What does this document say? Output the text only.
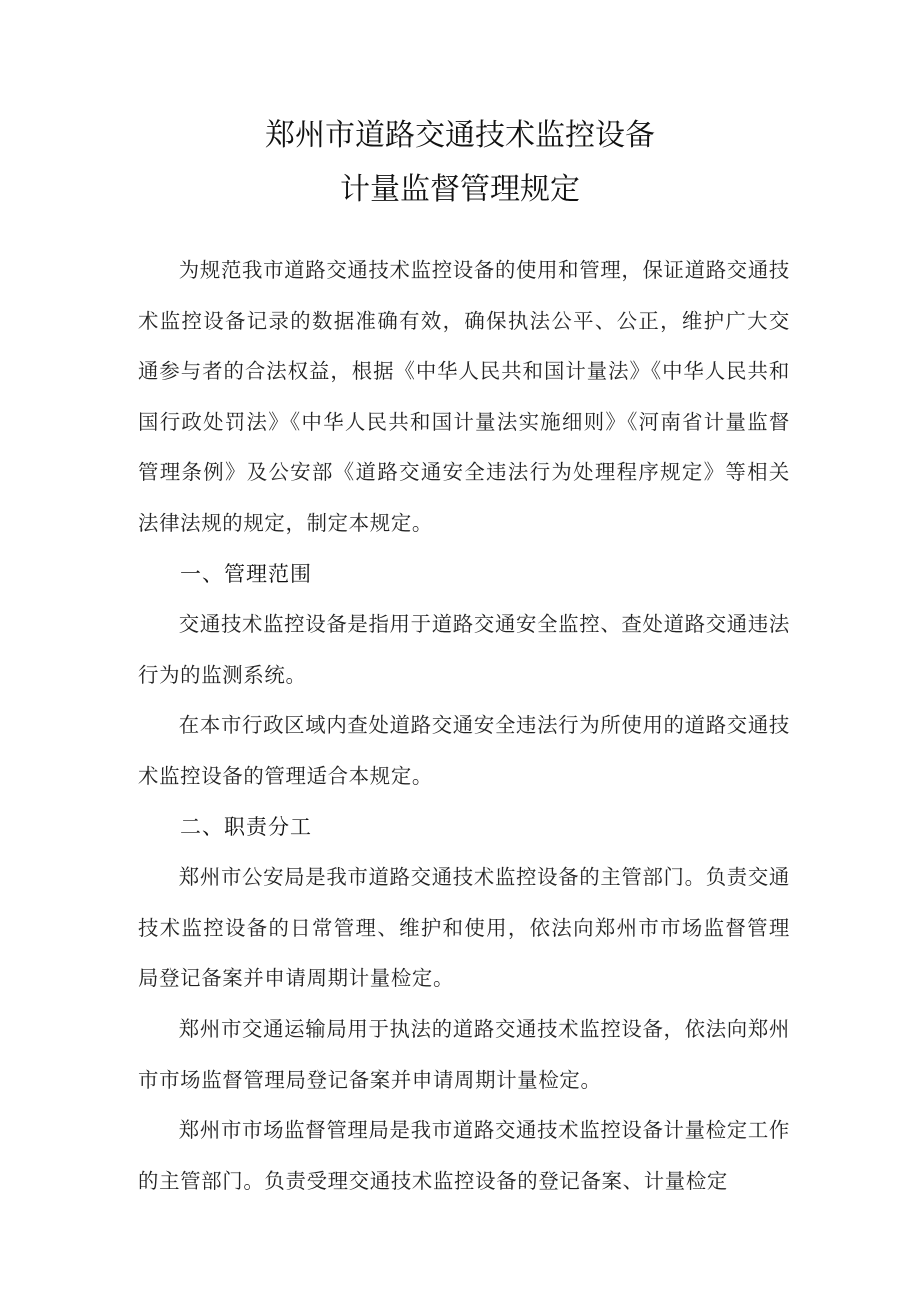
郑州市道路交通技术监控设备
计量监督管理规定

为规范我市道路交通技术监控设备的使用和管理，保证道路交通技术监控设备记录的数据准确有效，确保执法公平、公正，维护广大交通参与者的合法权益，根据《中华人民共和国计量法》《中华人民共和国行政处罚法》《中华人民共和国计量法实施细则》《河南省计量监督管理条例》及公安部《道路交通安全违法行为处理程序规定》等相关法律法规的规定，制定本规定。

一、管理范围

交通技术监控设备是指用于道路交通安全监控、查处道路交通违法行为的监测系统。

在本市行政区域内查处道路交通安全违法行为所使用的道路交通技术监控设备的管理适合本规定。

二、职责分工

郑州市公安局是我市道路交通技术监控设备的主管部门。负责交通技术监控设备的日常管理、维护和使用，依法向郑州市市场监督管理局登记备案并申请周期计量检定。

郑州市交通运输局用于执法的道路交通技术监控设备，依法向郑州市市场监督管理局登记备案并申请周期计量检定。

郑州市市场监督管理局是我市道路交通技术监控设备计量检定工作的主管部门。负责受理交通技术监控设备的登记备案、计量检定
